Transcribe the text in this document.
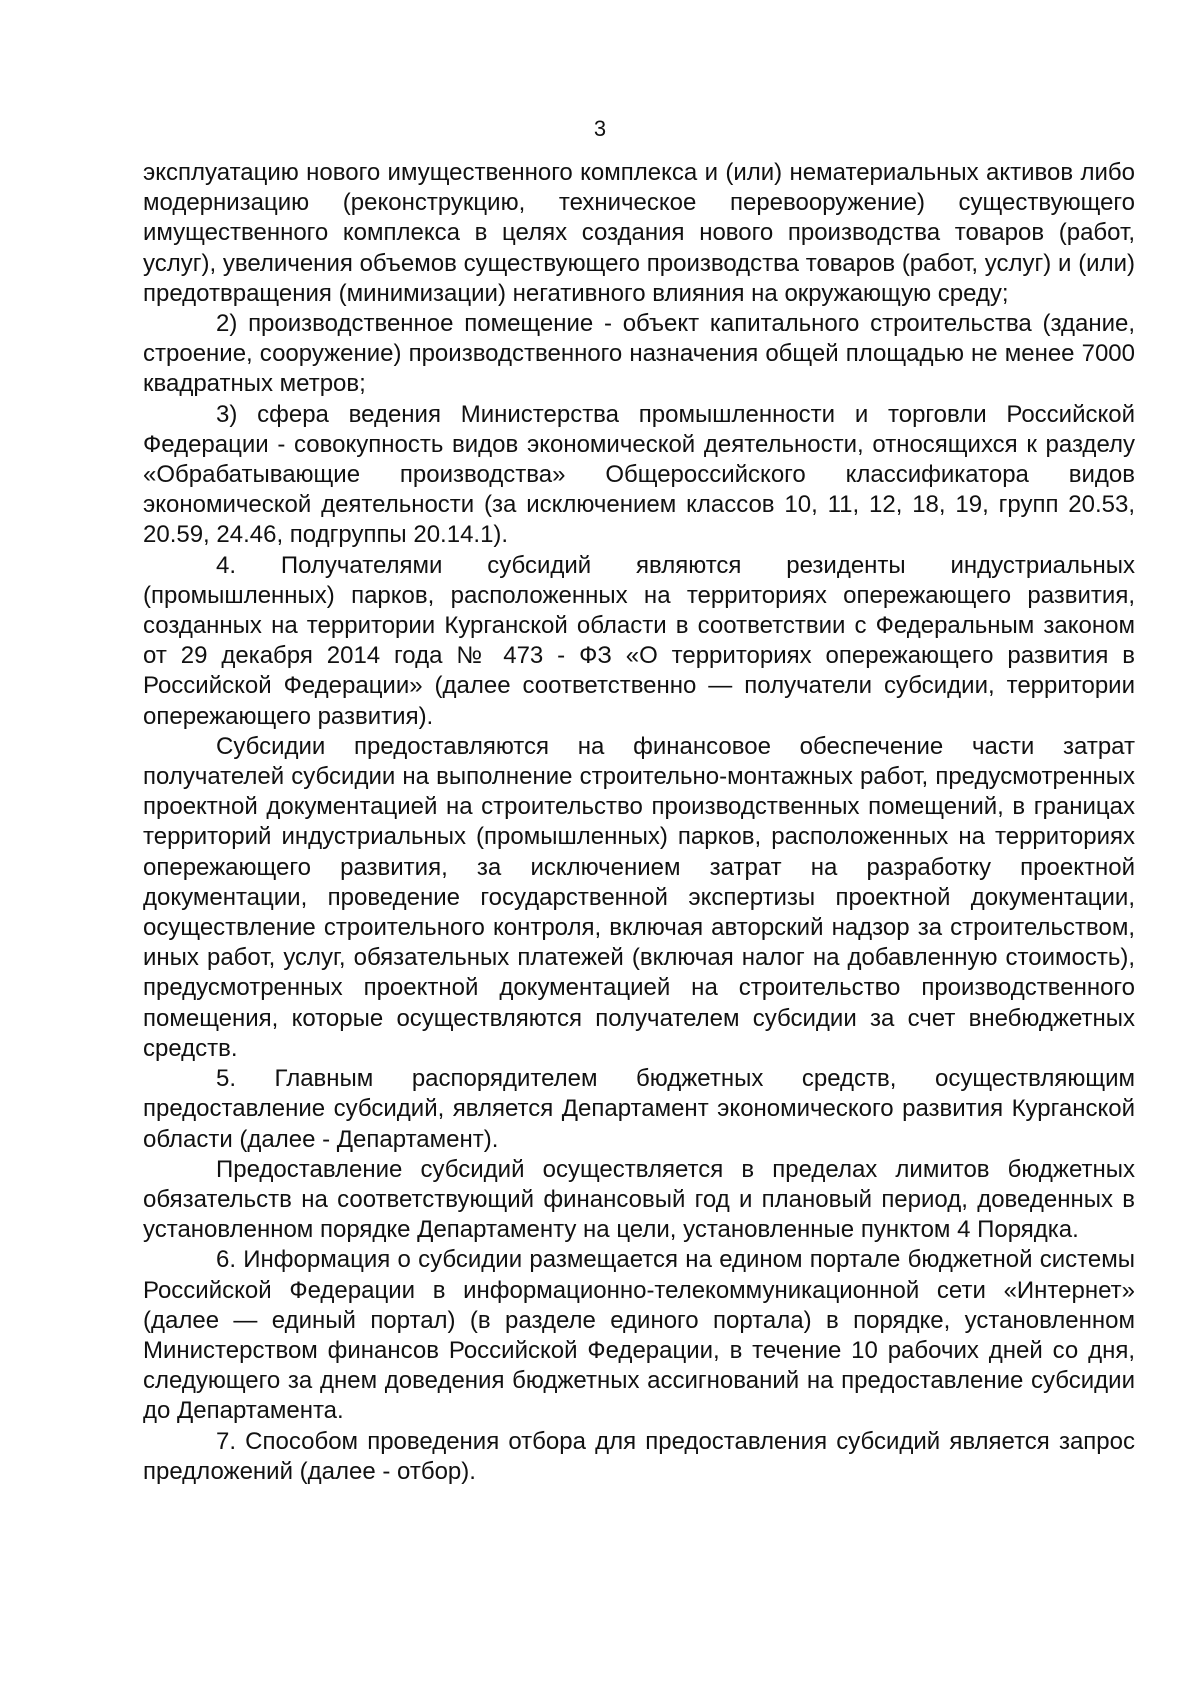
3

эксплуатацию нового имущественного комплекса и (или) нематериальных активов либо модернизацию (реконструкцию, техническое перевооружение) существующего имущественного комплекса в целях создания нового производства товаров (работ, услуг), увеличения объемов существующего производства товаров (работ, услуг) и (или) предотвращения (минимизации) негативного влияния на окружающую среду;

2) производственное помещение - объект капитального строительства (здание, строение, сооружение) производственного назначения общей площадью не менее 7000 квадратных метров;

3) сфера ведения Министерства промышленности и торговли Российской Федерации - совокупность видов экономической деятельности, относящихся к разделу «Обрабатывающие производства» Общероссийского классификатора видов экономической деятельности (за исключением классов 10, 11, 12, 18, 19, групп 20.53, 20.59, 24.46, подгруппы 20.14.1).

4. Получателями субсидий являются резиденты индустриальных (промышленных) парков, расположенных на территориях опережающего развития, созданных на территории Курганской области в соответствии с Федеральным законом от 29 декабря 2014 года № 473 - ФЗ «О территориях опережающего развития в Российской Федерации» (далее соответственно — получатели субсидии, территории опережающего развития).

Субсидии предоставляются на финансовое обеспечение части затрат получателей субсидии на выполнение строительно-монтажных работ, предусмотренных проектной документацией на строительство производственных помещений, в границах территорий индустриальных (промышленных) парков, расположенных на территориях опережающего развития, за исключением затрат на разработку проектной документации, проведение государственной экспертизы проектной документации, осуществление строительного контроля, включая авторский надзор за строительством, иных работ, услуг, обязательных платежей (включая налог на добавленную стоимость), предусмотренных проектной документацией на строительство производственного помещения, которые осуществляются получателем субсидии за счет внебюджетных средств.

5. Главным распорядителем бюджетных средств, осуществляющим предоставление субсидий, является Департамент экономического развития Курганской области (далее - Департамент).

Предоставление субсидий осуществляется в пределах лимитов бюджетных обязательств на соответствующий финансовый год и плановый период, доведенных в установленном порядке Департаменту на цели, установленные пунктом 4 Порядка.

6. Информация о субсидии размещается на едином портале бюджетной системы Российской Федерации в информационно-телекоммуникационной сети «Интернет» (далее — единый портал) (в разделе единого портала) в порядке, установленном Министерством финансов Российской Федерации, в течение 10 рабочих дней со дня, следующего за днем доведения бюджетных ассигнований на предоставление субсидии до Департамента.

7. Способом проведения отбора для предоставления субсидий является запрос предложений (далее - отбор).
